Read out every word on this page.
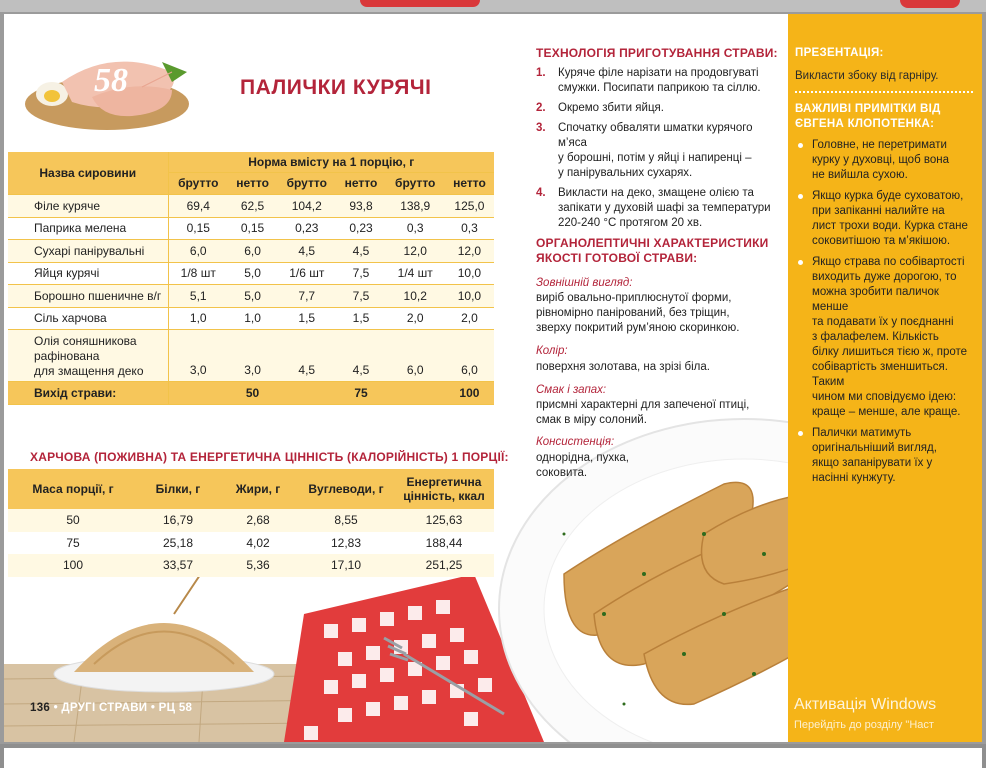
58	ПАЛИЧКИ КУРЯЧІ
Назва сировини	Норма вмісту на 1 порцію, г					
	брутто	нетто	брутто	нетто	брутто	нетто
Філе куряче	69,4	62,5	104,2	93,8	138,9	125,0
Паприка мелена	0,15	0,15	0,23	0,23	0,3	0,3
Сухарі панірувальні	6,0	6,0	4,5	4,5	12,0	12,0
Яйця курячі	1/8 шт	5,0	1/6 шт	7,5	1/4 шт	10,0
Борошно пшеничне в/г	5,1	5,0	7,7	7,5	10,2	10,0
Сіль харчова	1,0	1,0	1,5	1,5	2,0	2,0

Олія соняшникова
рафінована
для змащення деко	3,0	3,0	4,5	4,5	6,0	6,0
Вихід страви:		50		75		100
ХАРЧОВА (ПОЖИВНА) ТА ЕНЕРГЕТИЧНА ЦІННІСТЬ (КАЛОРІЙНІСТЬ) 1 ПОРЦІЇ:
Маса порції, г	Білки, г	Жири, г	Вуглеводи, г	Енергетична
цінність, ккал

50	16,79	2,68	8,55	125,63
75	25,18	4,02	12,83	188,44
100	33,57	5,36	17,10	251,25
ТЕХНОЛОГІЯ ПРИГОТУВАННЯ СТРАВИ:
1. Куряче філе нарізати на продовгуваті
смужки. Посипати паприкою та сіллю.
2. Окремо збити яйця.
3. Спочатку обваляти шматки курячого м’яса
у борошні, потім у яйці і напиренці –
у панірувальних сухарях.
4. Викласти на деко, змащене олією та
запікати у духовій шафі за температури
220-240 °С протягом 20 хв.
ОРГАНОЛЕПТИЧНІ ХАРАКТЕРИСТИКИ
ЯКОСТІ ГОТОВОЇ СТРАВИ:
Зовнішній вигляд:
виріб овально-приплюснутої форми,
рівномірно панірований, без тріщин,
зверху покритий рум’яною скоринкою.
Колір:
поверхня золотава, на зрізі біла.
Смак і запах:
присмні характерні для запеченої птиці,
смак в міру солоний.
Консистенція:
однорідна, пухка,
соковита.
ПРЕЗЕНТАЦІЯ:
Викласти збоку від гарніру.
ВАЖЛИВІ ПРИМІТКИ ВІД
ЄВГЕНА КЛОПОТЕНКА:
Головне, не перетримати
курку у духовці, щоб вона
не вийшла сухою.
Якщо курка буде суховатою,
при запіканні налийте на
лист трохи води. Курка стане
соковитішою та м’якішою.
Якщо страва по собівартості
виходить дуже дорогою, то
можна зробити паличок менше
та подавати їх у поєднанні
з фалафелем. Кількість
білку лишиться тією ж, проте
собівартість зменшиться. Таким
чином ми сповідуємо ідею:
краще – менше, але краще.
Палички матимуть
оригінальніший вигляд,
якщо запанірувати їх у
насінні кунжуту.
136 • ДРУГІ СТРАВИ • РЦ 58	Активація Windows
Перейдіть до розділу "Наст
